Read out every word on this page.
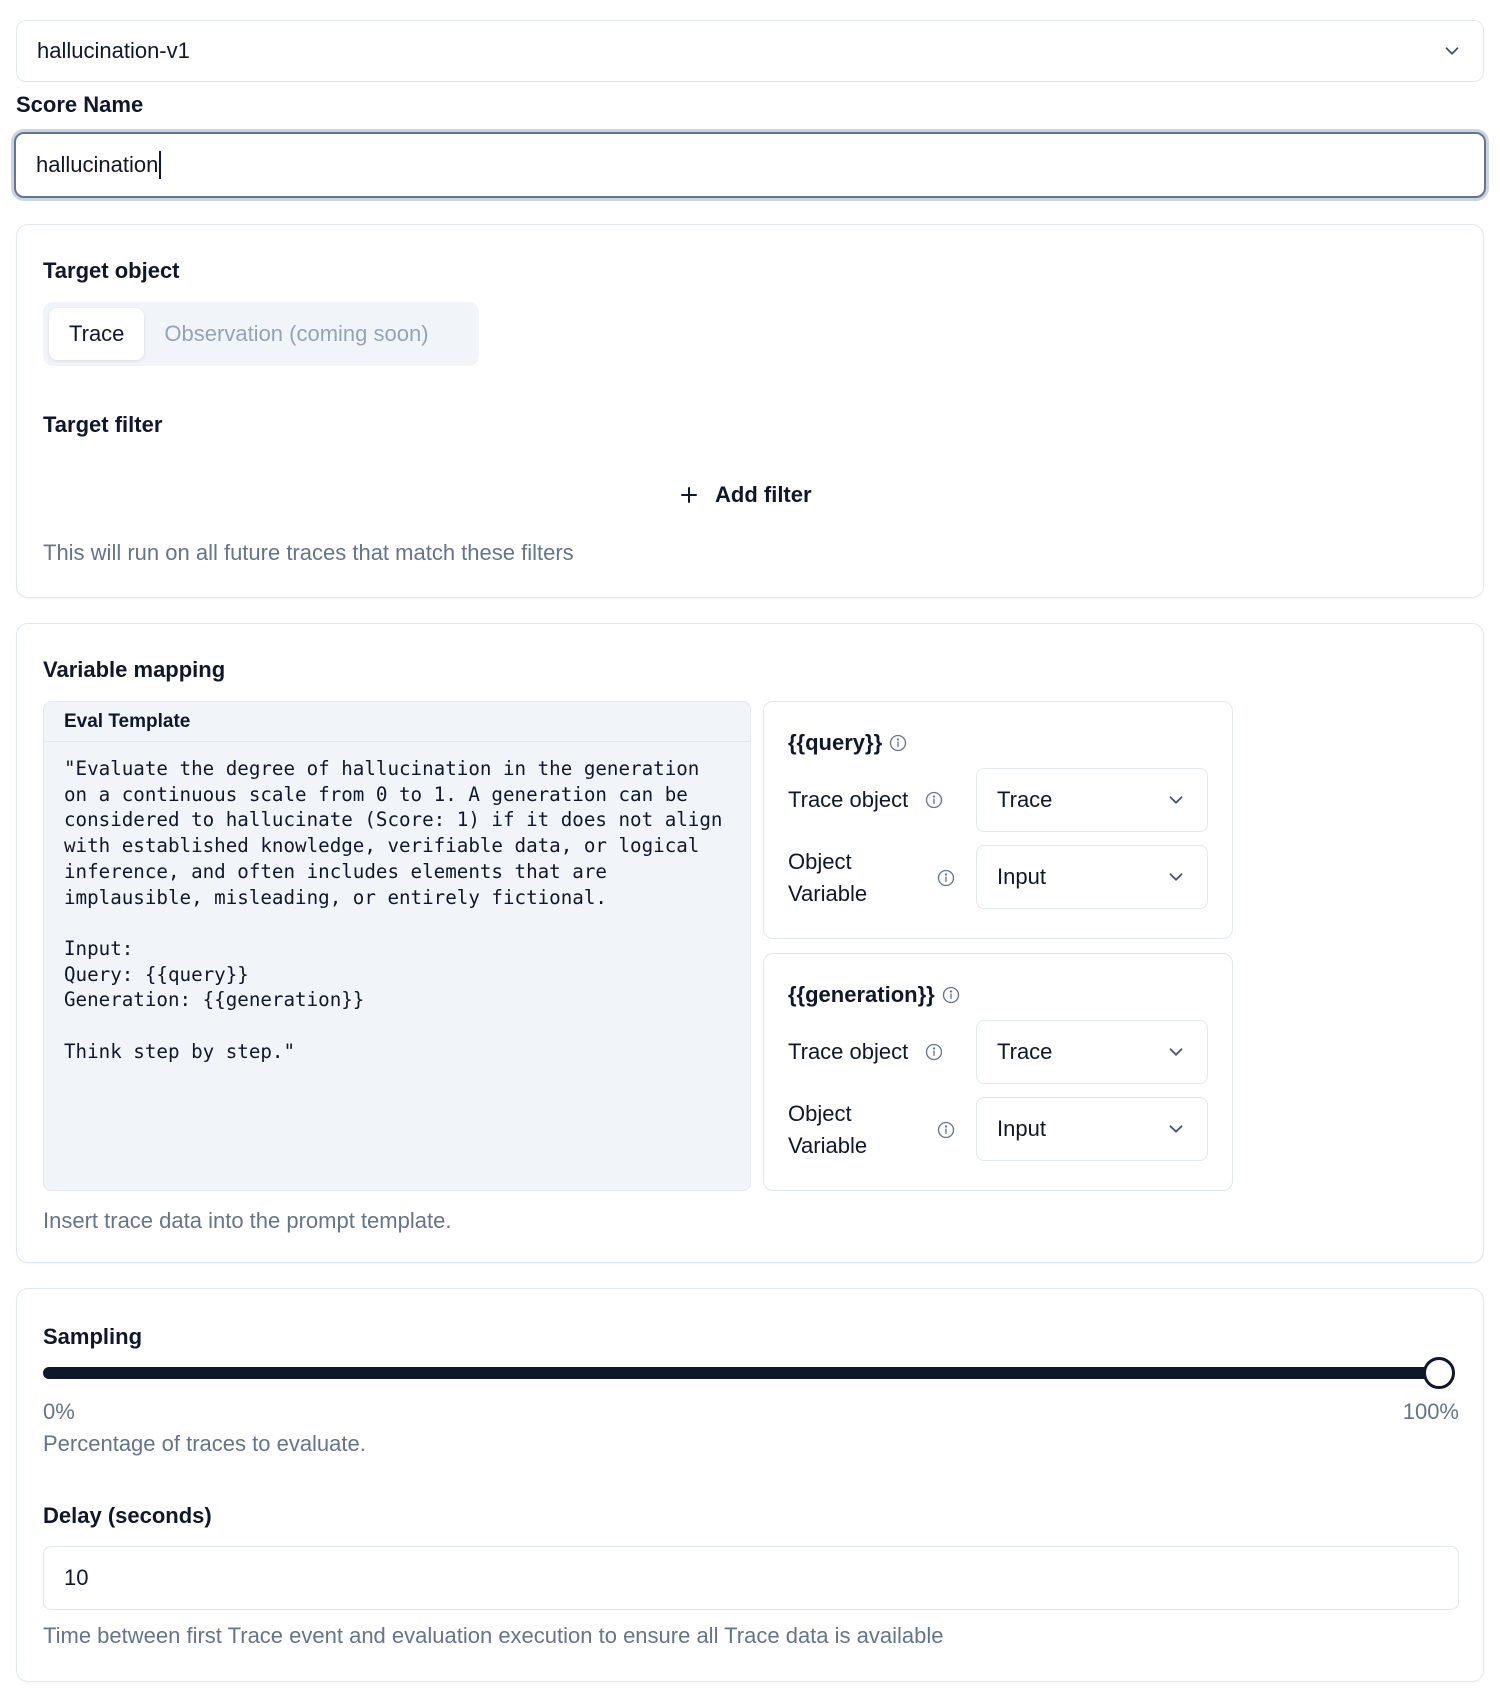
hallucination-v1
Score Name
hallucination
Target object
Trace	Observation (coming soon)
Target filter
Add filter
This will run on all future traces that match these filters
Variable mapping
Eval Template
"Evaluate the degree of hallucination in the generation
on a continuous scale from 0 to 1. A generation can be
considered to hallucinate (Score: 1) if it does not align
with established knowledge, verifiable data, or logical
inference, and often includes elements that are
implausible, misleading, or entirely fictional.

Input:
Query: {{query}}
Generation: {{generation}}

Think step by step."
{{query}}
Trace object	Trace
Object
Variable
Input
{{generation}}
Trace object	Trace
Object
Variable
Input
Insert trace data into the prompt template.
Sampling
0%	100%
Percentage of traces to evaluate.
Delay (seconds)
10
Time between first Trace event and evaluation execution to ensure all Trace data is available
